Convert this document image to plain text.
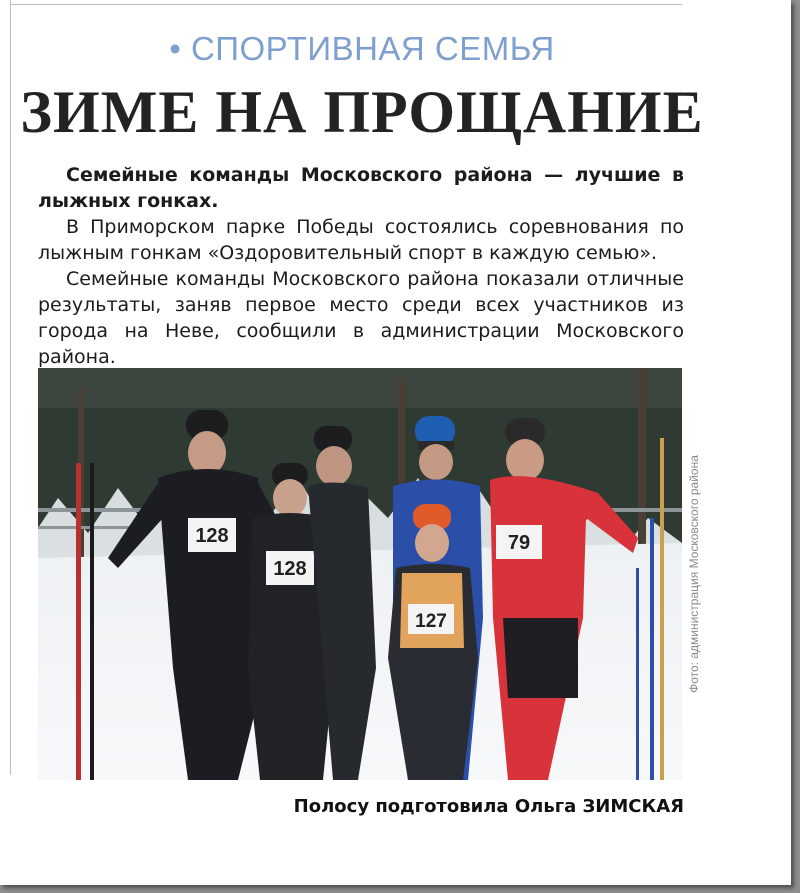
• СПОРТИВНАЯ СЕМЬЯ
ЗИМЕ НА ПРОЩАНИЕ

Семейные команды Московского района — лучшие в лыжных гонках.

В Приморском парке Победы состоялись соревнования по лыжным гонкам «Оздоровительный спорт в каждую семью».

Семейные команды Московского района показали отличные результаты, заняв первое место среди всех участников из города на Неве, сообщили в администрации Московского района.

128
128
127
79	Фото: администрация Московского района
Полосу подготовила Ольга ЗИМСКАЯ
